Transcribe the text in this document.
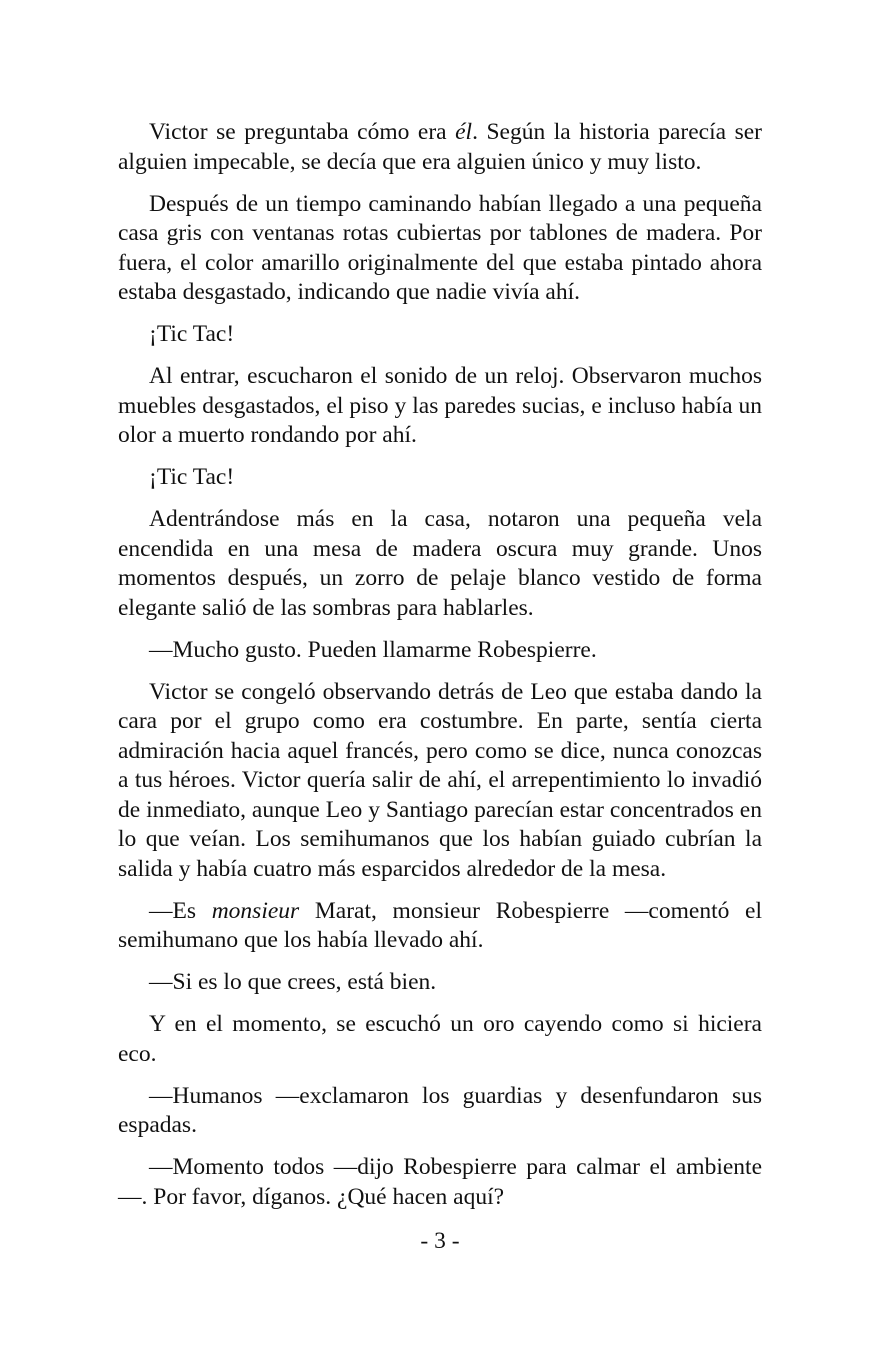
Victor se preguntaba cómo era él. Según la historia parecía ser alguien impecable, se decía que era alguien único y muy listo.

Después de un tiempo caminando habían llegado a una pequeña casa gris con ventanas rotas cubiertas por tablones de madera. Por fuera, el color amarillo originalmente del que estaba pintado ahora estaba desgastado, indicando que nadie vivía ahí.

¡Tic Tac!

Al entrar, escucharon el sonido de un reloj. Observaron muchos muebles desgastados, el piso y las paredes sucias, e incluso había un olor a muerto rondando por ahí.

¡Tic Tac!

Adentrándose más en la casa, notaron una pequeña vela encendida en una mesa de madera oscura muy grande. Unos momentos después, un zorro de pelaje blanco vestido de forma elegante salió de las sombras para hablarles.

—Mucho gusto. Pueden llamarme Robespierre.

Victor se congeló observando detrás de Leo que estaba dando la cara por el grupo como era costumbre. En parte, sentía cierta admiración hacia aquel francés, pero como se dice, nunca conozcas a tus héroes. Victor quería salir de ahí, el arrepentimiento lo invadió de inmediato, aunque Leo y Santiago parecían estar concentrados en lo que veían. Los semihumanos que los habían guiado cubrían la salida y había cuatro más esparcidos alrededor de la mesa.

—Es monsieur Marat, monsieur Robespierre —comentó el semihumano que los había llevado ahí.

—Si es lo que crees, está bien.

Y en el momento, se escuchó un oro cayendo como si hiciera eco.

—Humanos —exclamaron los guardias y desenfundaron sus espadas.

—Momento todos —dijo Robespierre para calmar el ambiente—. Por favor, díganos. ¿Qué hacen aquí?

- 3 -
